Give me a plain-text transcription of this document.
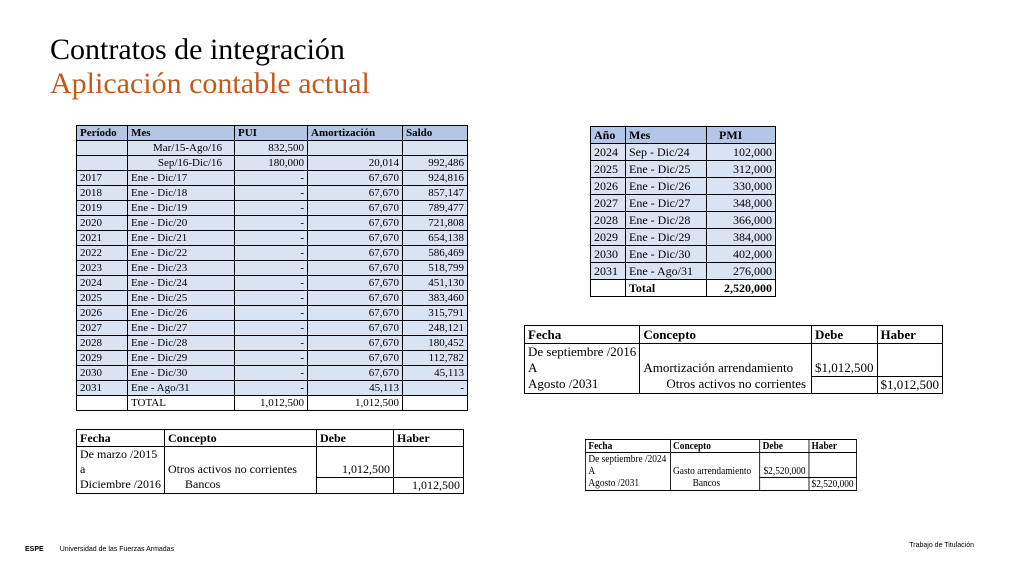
Contratos de integración
Aplicación contable actual
Período	Mes	PUI	Amortización	Saldo
	Mar/15-Ago/16	832,500		
	Sep/16-Dic/16	180,000	20,014	992,486
2017	Ene - Dic/17	-	67,670	924,816
2018	Ene - Dic/18	-	67,670	857,147
2019	Ene - Dic/19	-	67,670	789,477
2020	Ene - Dic/20	-	67,670	721,808
2021	Ene - Dic/21	-	67,670	654,138
2022	Ene - Dic/22	-	67,670	586,469
2023	Ene - Dic/23	-	67,670	518,799
2024	Ene - Dic/24	-	67,670	451,130
2025	Ene - Dic/25	-	67,670	383,460
2026	Ene - Dic/26	-	67,670	315,791
2027	Ene - Dic/27	-	67,670	248,121
2028	Ene - Dic/28	-	67,670	180,452
2029	Ene - Dic/29	-	67,670	112,782
2030	Ene - Dic/30	-	67,670	45,113
2031	Ene - Ago/31	-	45,113	-
	TOTAL	1,012,500	1,012,500	
Año	Mes	PMI
2024	Sep - Dic/24	102,000
2025	Ene - Dic/25	312,000
2026	Ene - Dic/26	330,000
2027	Ene - Dic/27	348,000
2028	Ene - Dic/28	366,000
2029	Ene - Dic/29	384,000
2030	Ene - Dic/30	402,000
2031	Ene - Ago/31	276,000
	Total	2,520,000
Fecha	Concepto	Debe	Haber
De marzo /2015		1,012,500	
a	Otros activos no corrientes		
Diciembre /2016	Bancos		1,012,500
Fecha	Concepto	Debe	Haber
De septiembre /2016		$1,012,500	
A	Amortización arrendamiento		
Agosto /2031	Otros activos no corrientes		$1,012,500
Fecha	Concepto	Debe	Haber
De septiembre /2024		$2,520,000	
A	Gasto arrendamiento		
Agosto /2031	Bancos		$2,520,000
ESPE Universidad de las Fuerzas Armadas
Trabajo de Titulación
